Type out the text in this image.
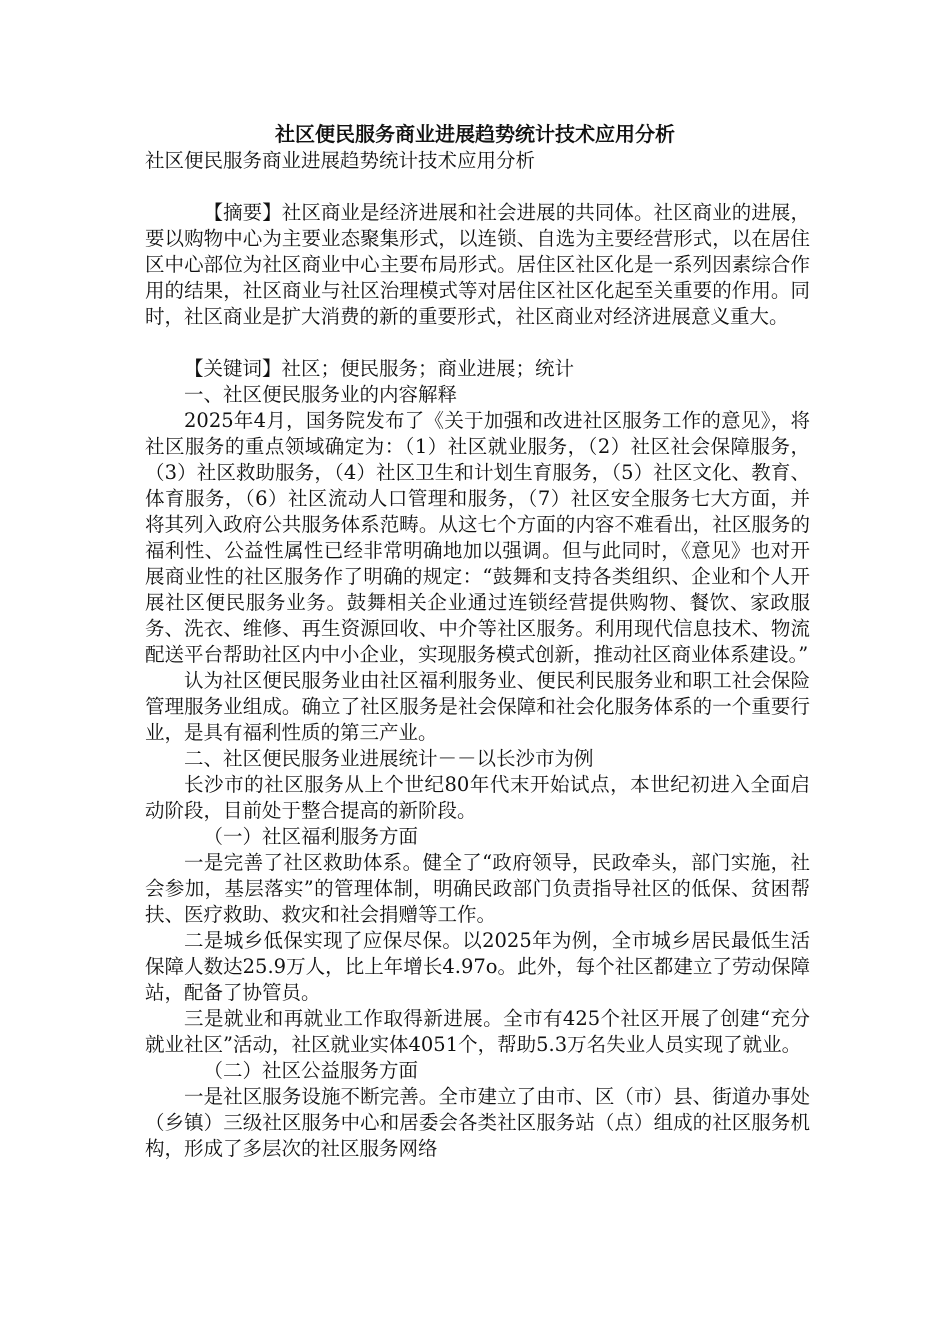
社区便民服务商业进展趋势统计技术应用分析

社区便民服务商业进展趋势统计技术应用分析

【摘要】社区商业是经济进展和社会进展的共同体。社区商业的进展，要以购物中心为主要业态聚集形式，以连锁、自选为主要经营形式，以在居住区中心部位为社区商业中心主要布局形式。居住区社区化是一系列因素综合作用的结果，社区商业与社区治理模式等对居住区社区化起至关重要的作用。同时，社区商业是扩大消费的新的重要形式，社区商业对经济进展意义重大。

【关键词】社区；便民服务；商业进展；统计

一、社区便民服务业的内容解释

2025年4月，国务院发布了《关于加强和改进社区服务工作的意见》，将社区服务的重点领域确定为：（1）社区就业服务，（2）社区社会保障服务，（3）社区救助服务，（4）社区卫生和计划生育服务，（5）社区文化、教育、体育服务，（6）社区流动人口管理和服务，（7）社区安全服务七大方面，并将其列入政府公共服务体系范畴。从这七个方面的内容不难看出，社区服务的福利性、公益性属性已经非常明确地加以强调。但与此同时，《意见》也对开展商业性的社区服务作了明确的规定：“鼓舞和支持各类组织、企业和个人开展社区便民服务业务。鼓舞相关企业通过连锁经营提供购物、餐饮、家政服务、洗衣、维修、再生资源回收、中介等社区服务。利用现代信息技术、物流配送平台帮助社区内中小企业，实现服务模式创新，推动社区商业体系建设。”

认为社区便民服务业由社区福利服务业、便民利民服务业和职工社会保险管理服务业组成。确立了社区服务是社会保障和社会化服务体系的一个重要行业，是具有福利性质的第三产业。

二、社区便民服务业进展统计－－以长沙市为例

长沙市的社区服务从上个世纪80年代末开始试点，本世纪初进入全面启动阶段，目前处于整合提高的新阶段。

（一）社区福利服务方面

一是完善了社区救助体系。健全了“政府领导，民政牵头，部门实施，社会参加，基层落实”的管理体制，明确民政部门负责指导社区的低保、贫困帮扶、医疗救助、救灾和社会捐赠等工作。

二是城乡低保实现了应保尽保。以2025年为例，全市城乡居民最低生活保障人数达25.9万人，比上年增长4.97o。此外，每个社区都建立了劳动保障站，配备了协管员。

三是就业和再就业工作取得新进展。全市有425个社区开展了创建“充分就业社区”活动，社区就业实体4051个，帮助5.3万名失业人员实现了就业。

（二）社区公益服务方面

一是社区服务设施不断完善。全市建立了由市、区（市）县、街道办事处（乡镇）三级社区服务中心和居委会各类社区服务站（点）组成的社区服务机构，形成了多层次的社区服务网络
